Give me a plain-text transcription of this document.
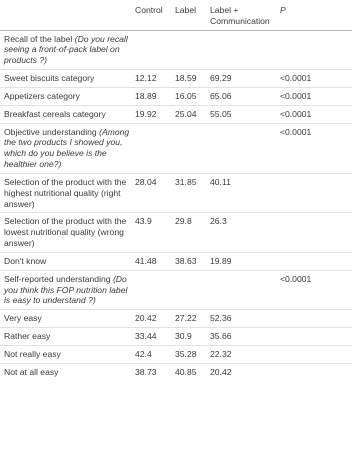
	Control	Label	Label + Communication	P
Recall of the label (Do you recall seeing a front-of-pack label on products ?)				
Sweet biscuits category	12.12	18.59	69.29	<0.0001
Appetizers category	18.89	16.05	65.06	<0.0001
Breakfast cereals category	19.92	25.04	55.05	<0.0001
Objective understanding (Among the two products I showed you, which do you believe is the healthier one?)				<0.0001
Selection of the product with the highest nutritional quality (right answer)	28.04	31.85	40.11	
Selection of the product with the lowest nutritional quality (wrong answer)	43.9	29.8	26.3	
Don't know	41.48	38.63	19.89	
Self-reported understanding (Do you think this FOP nutrition label is easy to understand ?)				<0.0001
Very easy	20.42	27.22	52.36	
Rather easy	33.44	30.9	35.66	
Not really easy	42.4	35.28	22.32	
Not at all easy	38.73	40.85	20.42	
